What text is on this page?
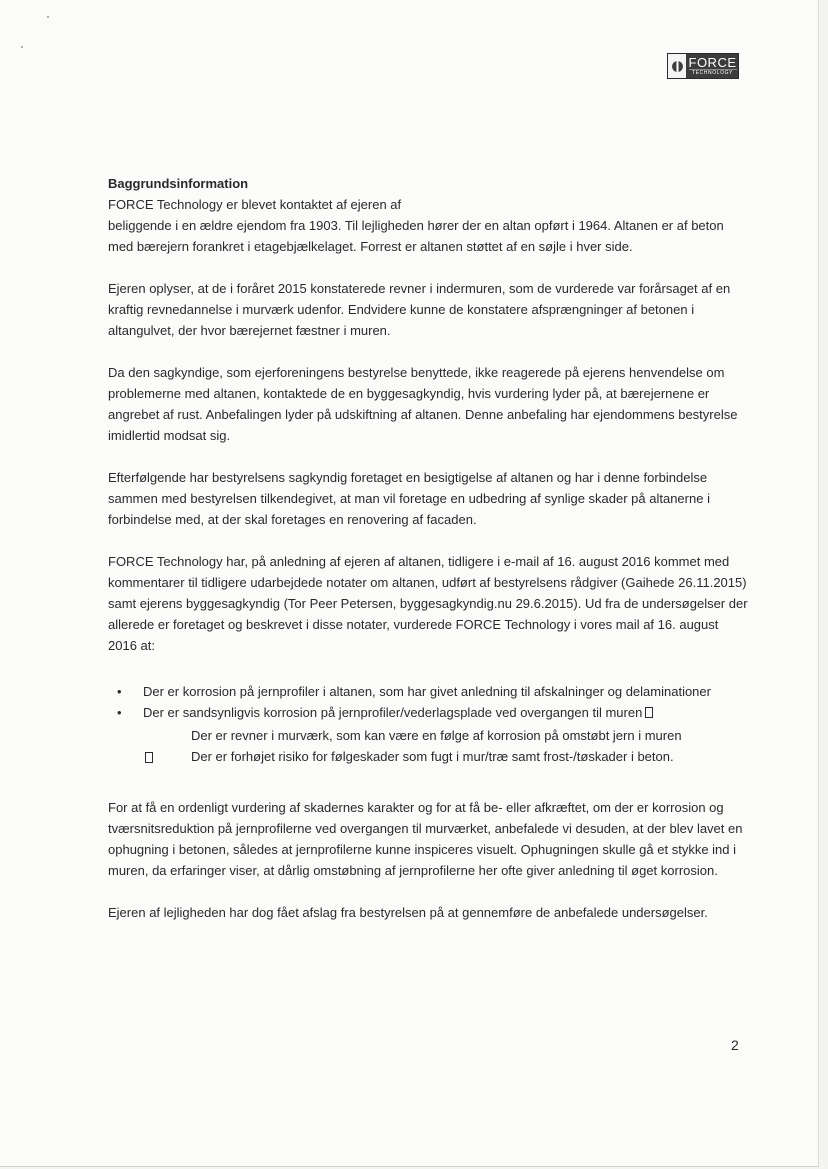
FORCE
TECHNOLOGY
Baggrundsinformation

FORCE Technology er blevet kontaktet af ejeren af
beliggende i en ældre ejendom fra 1903. Til lejligheden hører der en altan opført i 1964. Altanen er af beton med bærejern forankret i etagebjælkelaget. Forrest er altanen støttet af en søjle i hver side.

Ejeren oplyser, at de i foråret 2015 konstaterede revner i indermuren, som de vurderede var forårsaget af en kraftig revnedannelse i murværk udenfor. Endvidere kunne de konstatere afsprængninger af betonen i altangulvet, der hvor bærejernet fæstner i muren.

Da den sagkyndige, som ejerforeningens bestyrelse benyttede, ikke reagerede på ejerens henvendelse om problemerne med altanen, kontaktede de en byggesagkyndig, hvis vurdering lyder på, at bærejernene er angrebet af rust. Anbefalingen lyder på udskiftning af altanen. Denne anbefaling har ejendommens bestyrelse imidlertid modsat sig.

Efterfølgende har bestyrelsens sagkyndig foretaget en besigtigelse af altanen og har i denne forbindelse sammen med bestyrelsen tilkendegivet, at man vil foretage en udbedring af synlige skader på altanerne i forbindelse med, at der skal foretages en renovering af facaden.

FORCE Technology har, på anledning af ejeren af altanen, tidligere i e-mail af 16. august 2016 kommet med kommentarer til tidligere udarbejdede notater om altanen, udført af bestyrelsens rådgiver (Gaihede 26.11.2015) samt ejerens byggesagkyndig (Tor Peer Petersen, byggesagkyndig.nu 29.6.2015). Ud fra de undersøgelser der allerede er foretaget og beskrevet i disse notater, vurderede FORCE Technology i vores mail af 16. august 2016 at:

• Der er korrosion på jernprofiler i altanen, som har givet anledning til afskalninger og delaminationer
• Der er sandsynligvis korrosion på jernprofiler/vederlagsplade ved overgangen til muren
Der er revner i murværk, som kan være en følge af korrosion på omstøbt jern i muren
Der er forhøjet risiko for følgeskader som fugt i mur/træ samt frost-/tøskader i beton.

For at få en ordenligt vurdering af skadernes karakter og for at få be- eller afkræftet, om der er korrosion og tværsnitsreduktion på jernprofilerne ved overgangen til murværket, anbefalede vi desuden, at der blev lavet en ophugning i betonen, således at jernprofilerne kunne inspiceres visuelt. Ophugningen skulle gå et stykke ind i muren, da erfaringer viser, at dårlig omstøbning af jernprofilerne her ofte giver anledning til øget korrosion.

Ejeren af lejligheden har dog fået afslag fra bestyrelsen på at gennemføre de anbefalede undersøgelser.

2
